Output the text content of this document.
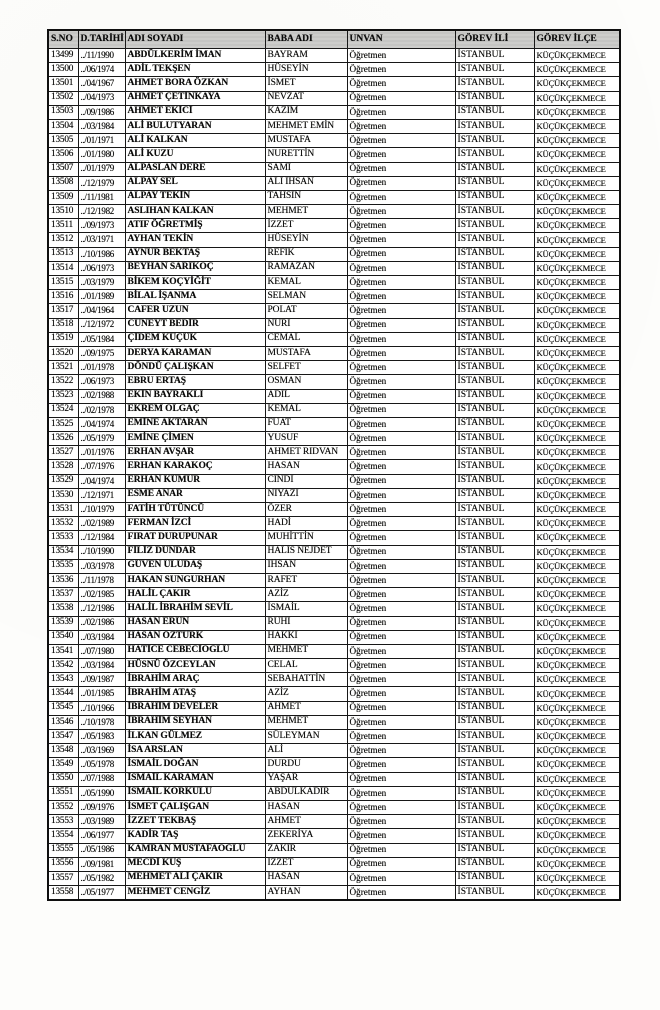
S.NO	D.TARİHİ	ADI SOYADI	BABA ADI	UNVAN	GÖREV İLİ	GÖREV İLÇE
13499	../11/1990	ABDÜLKERİM İMAN	BAYRAM	Öğretmen	İSTANBUL	KÜÇÜKÇEKMECE
13500	../06/1974	ADİL TEKŞEN	HÜSEYİN	Öğretmen	İSTANBUL	KÜÇÜKÇEKMECE
13501	../04/1967	AHMET BORA ÖZKAN	İSMET	Öğretmen	İSTANBUL	KÜÇÜKÇEKMECE
13502	../04/1973	AHMET ÇETİNKAYA	NEVZAT	Öğretmen	İSTANBUL	KÜÇÜKÇEKMECE
13503	../09/1986	AHMET EKİCİ	KAZİM	Öğretmen	İSTANBUL	KÜÇÜKÇEKMECE
13504	../03/1984	ALİ BULUTYARAN	MEHMET EMİN	Öğretmen	İSTANBUL	KÜÇÜKÇEKMECE
13505	../01/1971	ALİ KALKAN	MUSTAFA	Öğretmen	İSTANBUL	KÜÇÜKÇEKMECE
13506	../01/1980	ALİ KUZU	NURETTİN	Öğretmen	İSTANBUL	KÜÇÜKÇEKMECE
13507	../01/1979	ALPASLAN DERE	SAMİ	Öğretmen	İSTANBUL	KÜÇÜKÇEKMECE
13508	../12/1979	ALPAY SEL	ALİ İHSAN	Öğretmen	İSTANBUL	KÜÇÜKÇEKMECE
13509	../11/1981	ALPAY TEKİN	TAHSİN	Öğretmen	İSTANBUL	KÜÇÜKÇEKMECE
13510	../12/1982	ASLIHAN KALKAN	MEHMET	Öğretmen	İSTANBUL	KÜÇÜKÇEKMECE
13511	../09/1973	ATIF ÖĞRETMİŞ	İZZET	Öğretmen	İSTANBUL	KÜÇÜKÇEKMECE
13512	../03/1971	AYHAN TEKİN	HÜSEYİN	Öğretmen	İSTANBUL	KÜÇÜKÇEKMECE
13513	../10/1986	AYNUR BEKTAŞ	REFİK	Öğretmen	İSTANBUL	KÜÇÜKÇEKMECE
13514	../06/1973	BEYHAN SARIKOÇ	RAMAZAN	Öğretmen	İSTANBUL	KÜÇÜKÇEKMECE
13515	../03/1979	BİKEM KOÇYİĞİT	KEMAL	Öğretmen	İSTANBUL	KÜÇÜKÇEKMECE
13516	../01/1989	BİLAL İŞANMA	SELMAN	Öğretmen	İSTANBUL	KÜÇÜKÇEKMECE
13517	../04/1964	CAFER UZUN	POLAT	Öğretmen	İSTANBUL	KÜÇÜKÇEKMECE
13518	../12/1972	CÜNEYT BEDİR	NURİ	Öğretmen	İSTANBUL	KÜÇÜKÇEKMECE
13519	../05/1984	ÇİDEM KÜÇÜK	CEMAL	Öğretmen	İSTANBUL	KÜÇÜKÇEKMECE
13520	../09/1975	DERYA KARAMAN	MUSTAFA	Öğretmen	İSTANBUL	KÜÇÜKÇEKMECE
13521	../01/1978	DÖNDÜ ÇALIŞKAN	SELFET	Öğretmen	İSTANBUL	KÜÇÜKÇEKMECE
13522	../06/1973	EBRU ERTAŞ	OSMAN	Öğretmen	İSTANBUL	KÜÇÜKÇEKMECE
13523	../02/1988	EKİN BAYRAKLI	ADİL	Öğretmen	İSTANBUL	KÜÇÜKÇEKMECE
13524	../02/1978	EKREM OLĞAÇ	KEMAL	Öğretmen	İSTANBUL	KÜÇÜKÇEKMECE
13525	../04/1974	EMİNE AKTARAN	FUAT	Öğretmen	İSTANBUL	KÜÇÜKÇEKMECE
13526	../05/1979	EMİNE ÇİMEN	YUSUF	Öğretmen	İSTANBUL	KÜÇÜKÇEKMECE
13527	../01/1976	ERHAN AVŞAR	AHMET RIDVAN	Öğretmen	İSTANBUL	KÜÇÜKÇEKMECE
13528	../07/1976	ERHAN KARAKOÇ	HASAN	Öğretmen	İSTANBUL	KÜÇÜKÇEKMECE
13529	../04/1974	ERHAN KÜMUR	CİNDİ	Öğretmen	İSTANBUL	KÜÇÜKÇEKMECE
13530	../12/1971	ESME ANAR	NİYAZİ	Öğretmen	İSTANBUL	KÜÇÜKÇEKMECE
13531	../10/1979	FATİH TÜTÜNCÜ	ÖZER	Öğretmen	İSTANBUL	KÜÇÜKÇEKMECE
13532	../02/1989	FERMAN İZCİ	HADİ	Öğretmen	İSTANBUL	KÜÇÜKÇEKMECE
13533	../12/1984	FIRAT DURUPUNAR	MUHİTTİN	Öğretmen	İSTANBUL	KÜÇÜKÇEKMECE
13534	../10/1990	FİLİZ DÜNDAR	HALİS NEJDET	Öğretmen	İSTANBUL	KÜÇÜKÇEKMECE
13535	../03/1978	GÜVEN ULUDAŞ	İHSAN	Öğretmen	İSTANBUL	KÜÇÜKÇEKMECE
13536	../11/1978	HAKAN SUNGURHAN	RAFET	Öğretmen	İSTANBUL	KÜÇÜKÇEKMECE
13537	../02/1985	HALİL ÇAKIR	AZİZ	Öğretmen	İSTANBUL	KÜÇÜKÇEKMECE
13538	../12/1986	HALİL İBRAHİM SEVİL	İSMAİL	Öğretmen	İSTANBUL	KÜÇÜKÇEKMECE
13539	../02/1986	HASAN ERÜN	RUHİ	Öğretmen	İSTANBUL	KÜÇÜKÇEKMECE
13540	../03/1984	HASAN ÖZTÜRK	HAKKI	Öğretmen	İSTANBUL	KÜÇÜKÇEKMECE
13541	../07/1980	HATİCE CEBECİOĞLU	MEHMET	Öğretmen	İSTANBUL	KÜÇÜKÇEKMECE
13542	../03/1984	HÜSNÜ ÖZCEYLAN	CELAL	Öğretmen	İSTANBUL	KÜÇÜKÇEKMECE
13543	../09/1987	İBRAHİM ARAÇ	SEBAHATTİN	Öğretmen	İSTANBUL	KÜÇÜKÇEKMECE
13544	../01/1985	İBRAHİM ATAŞ	AZİZ	Öğretmen	İSTANBUL	KÜÇÜKÇEKMECE
13545	../10/1966	İBRAHİM DEVELER	AHMET	Öğretmen	İSTANBUL	KÜÇÜKÇEKMECE
13546	../10/1978	İBRAHİM SEYHAN	MEHMET	Öğretmen	İSTANBUL	KÜÇÜKÇEKMECE
13547	../05/1983	İLKAN GÜLMEZ	SÜLEYMAN	Öğretmen	İSTANBUL	KÜÇÜKÇEKMECE
13548	../03/1969	İSA ARSLAN	ALİ	Öğretmen	İSTANBUL	KÜÇÜKÇEKMECE
13549	../05/1978	İSMAİL DOĞAN	DURDU	Öğretmen	İSTANBUL	KÜÇÜKÇEKMECE
13550	../07/1988	İSMAİL KARAMAN	YAŞAR	Öğretmen	İSTANBUL	KÜÇÜKÇEKMECE
13551	../05/1990	İSMAİL KORKULU	ABDULKADİR	Öğretmen	İSTANBUL	KÜÇÜKÇEKMECE
13552	../09/1976	İSMET ÇALIŞGAN	HASAN	Öğretmen	İSTANBUL	KÜÇÜKÇEKMECE
13553	../03/1989	İZZET TEKBAŞ	AHMET	Öğretmen	İSTANBUL	KÜÇÜKÇEKMECE
13554	../06/1977	KADİR TAŞ	ZEKERİYA	Öğretmen	İSTANBUL	KÜÇÜKÇEKMECE
13555	../05/1986	KAMRAN MUSTAFAOĞLU	ZAKİR	Öğretmen	İSTANBUL	KÜÇÜKÇEKMECE
13556	../09/1981	MECDİ KUŞ	İZZET	Öğretmen	İSTANBUL	KÜÇÜKÇEKMECE
13557	../05/1982	MEHMET ALİ ÇAKIR	HASAN	Öğretmen	İSTANBUL	KÜÇÜKÇEKMECE
13558	../05/1977	MEHMET CENGİZ	AYHAN	Öğretmen	İSTANBUL	KÜÇÜKÇEKMECE
